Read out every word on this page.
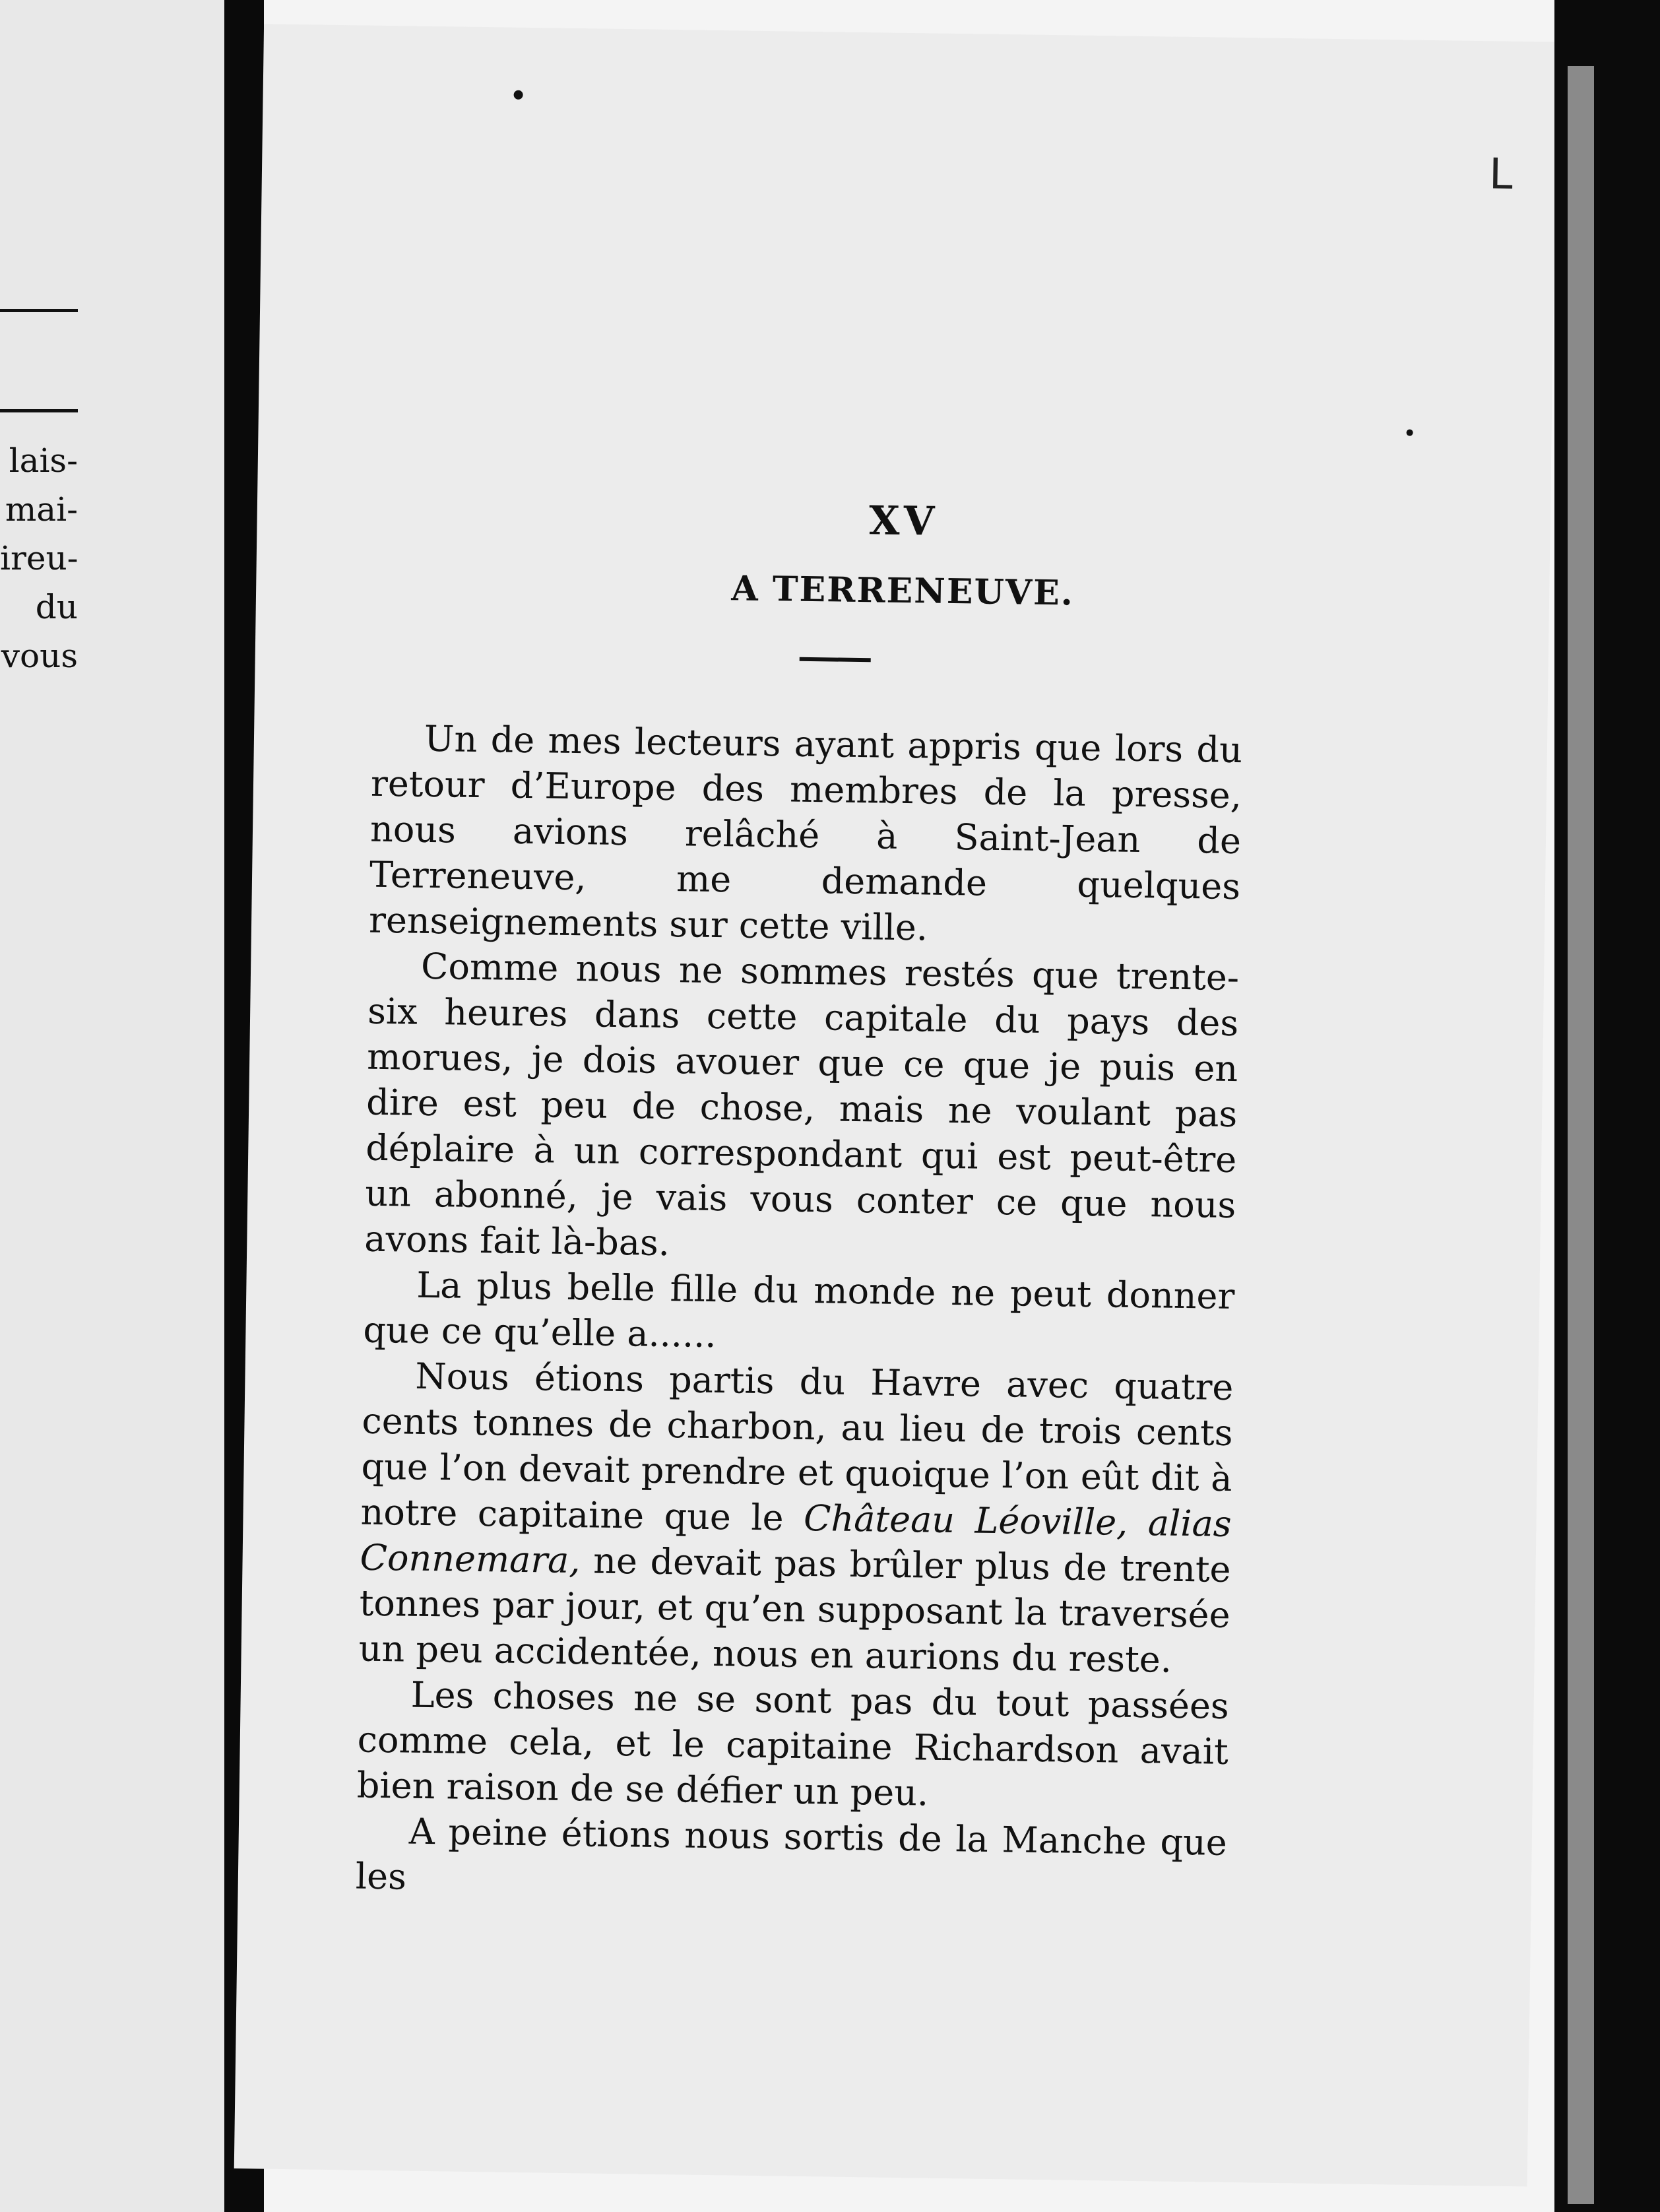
lais-
mai-
ireu-
du
vous
L
XV
A TERRENEUVE.

Un de mes lecteurs ayant appris que lors du retour d’Europe des membres de la presse, nous avions relâché à Saint-Jean de Terreneuve, me demande quelques renseignements sur cette ville.

Comme nous ne sommes restés que trente-six heures dans cette capitale du pays des morues, je dois avouer que ce que je puis en dire est peu de chose, mais ne voulant pas déplaire à un correspondant qui est peut-être un abonné, je vais vous conter ce que nous avons fait là-bas.

La plus belle fille du monde ne peut donner que ce qu’elle a......

Nous étions partis du Havre avec quatre cents tonnes de charbon, au lieu de trois cents que l’on devait prendre et quoique l’on eût dit à notre capitaine que le Château Léoville, alias Connemara, ne devait pas brûler plus de trente tonnes par jour, et qu’en supposant la traversée un peu accidentée, nous en aurions du reste.

Les choses ne se sont pas du tout passées comme cela, et le capitaine Richardson avait bien raison de se défier un peu.

A peine étions nous sortis de la Manche que les
